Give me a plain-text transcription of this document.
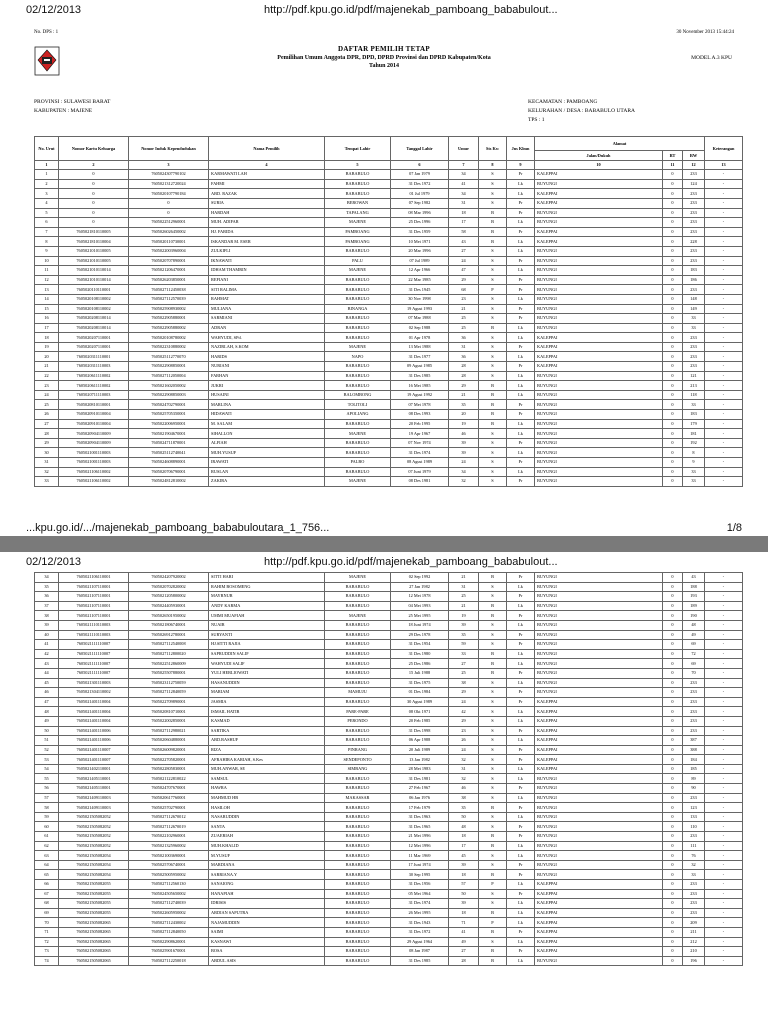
02/12/2013	http://pdf.kpu.go.id/pdf/majenekab_pamboang_bababulout...
No. DPS : 1	30 November 2013 15:44:24
DAFTAR PEMILIH TETAP
Pemilihan Umum Anggota DPR, DPD, DPRD Provinsi dan DPRD Kabupaten/Kota
Tahun 2014
MODEL A.3 KPU
PROVINSI : SULAWESI BARAT
KABUPATEN : MAJENE
KECAMATAN : PAMBOANG
KELURAHAN / DESA : BABABULO UTARA
TPS : 1
No. Urut	Nomor Kartu Keluarga	Nomor Induk Kependudukan	Nama Pemilih	Tempat Lahir	Tanggal Lahir	Umur	Sts Kw	Jns Klmn	Alamat			Keterangan
									Jalan/Dukuh	RT	RW	
1	2	3	4	5	6	7	8	9	10	11	12	13
1	0	7605024307790102	KARMAWATI LAH	BABABULO	07 Jan 1979	34	S	Pr	KALEPPAI	0	233	-
2	0	7605021312720024	FAHMI	BABABULO	31 Des 1972	41	S	Lk	BUYUNGI	0	124	-
3	0	7605020107790184	ABD. RAZAK	BABABULO	01 Jul 1979	34	S	Lk	KALEPPAI	0	233	-
4	0	0	SURIA	BEROWAN	07 Sep 1982	31	S	Pr	KALEPPAI	0	233	-
5	0	0	HARDAH	TAPALANG	08 Mar 1996	18	B	Pr	BUYUNGI	0	233	-
6	0	7605022512960001	MUH. ADIFAR	MAJENE	25 Des 1996	17	B	Lk	BUYUNGI	0	233	-
7	7605021810110005	7605026026450002	HJ. FARIDA	PAMBOANG	31 Des 1959	58	B	Pr	KALEPPAI	0	233	-
8	7605021810110004	7605020110730001	ISKANDAR M. ESER	PAMBOANG	10 Mei 1971	43	B	Lk	KALEPPAI	0	228	-
9	7605021010110005	7605022003960004	ZULKIFLI	BABABULO	20 Mar 1996	27	S	Lk	BUYUNGI	0	233	-
10	7605021010110005	7605020707890001	IKNAWATI	PALU	07 Jul 1989	24	S	Pr	BUYUNGI	0	233	-
11	7605021010110014	7605021206470001	IDHAM THAMRIN	MAJENE	12 Apr 1966	47	S	Lk	BUYUNGI	0	183	-
12	7605021010110014	7605026203850001	REFIANI	BABABULO	22 Mar 1985	29	S	Pr	BUYUNGI	0	186	-
13	7605020110110001	7605027112450038	SITI RALIMA	BABABULO	31 Des 1945	68	P	Pr	BUYUNGI	0	233	-
14	7605020108110002	7605027112570039	RAHMAT	BABABULO	30 Nov 1998	23	S	Lk	BUYUNGI	0	148	-
15	7605020108110002	7605025908930002	MULIANA	BINANGA	19 Agust 1993	21	S	Pr	BUYUNGI	0	149	-
16	7605020208110014	7605022905880001	SARMIANI	BABABULO	07 Mar 1988	25	S	Pr	BUYUNGI	0	33	-
17	7605020208110014	7605022905880002	ADRAN	BABABULO	02 Sep 1988	25	B	Lk	BUYUNGI	0	33	-
18	7605020207110001	7605020108780002	WAHYUDI, SPd.	BABABULO	01 Apr 1978	36	S	Lk	KALEPPAI	0	233	-
19	7605020207110001	7605022310880002	NAZIRLAH, S.KOM	MAJENE	13 Mei 1988	31	S	Pr	KALEPPAI	0	233	-
20	7605020311110001	7605025112770070	HARIDS	NAPO	31 Des 1977	36	S	Lk	KALEPPAI	0	233	-
21	7605020311110003	7605022908850001	NURIANI	BABABULO	09 Agust 1985	28	S	Pr	KALEPPAI	0	233	-
22	7605020611110002	7605027112050004	FARHAN	BABABULO	31 Des 1985	28	S	Lk	BUYUNGI	0	121	-
23	7605020611110002	7605021602050002	JUKRI	BABABULO	16 Mei 1985	29	B	Lk	BUYUNGI	0	213	-
24	7605020711110003	7605022908850003	HUSAINI	BALOMBONG	19 Agust 1992	21	B	Lk	BUYUNGI	0	118	-
25	7605020810110001	7605024702790001	MARLINA	TOLITOLI	07 Mei 1978	35	B	Pr	BUYUNGI	0	33	-
26	7605020910110004	7605025705350001	HIDAWATI	APOLIANG	08 Des 1993	20	B	Pr	BUYUNGI	0	183	-
27	7605020910110004	7605022006950001	M. SALAM	BABABULO	20 Feb 1995	19	B	Lk	BUYUNGI	0	179	-
28	7605020904110009	7605021904670001	SIHALLON	MAJENE	19 Apr 1967	46	S	Lk	BUYUNGI	0	181	-
29	7605020904110009	7605024711870001	ALFIAH	BABABULO	07 Nov 1974	39	S	Pr	BUYUNGI	0	192	-
30	7605021001110003	7605025112740041	MUH.YUSUF	BABABULO	31 Des 1974	39	S	Lk	BUYUNGI	0	8	-
31	7605021001110003	7605024608890001	IRAWATI	PALBO	08 Agust 1989	24	S	Pr	BUYUNGI	0	9	-
32	7605021106110002	7605020706790001	RUSLAN	BABABULO	07 Juni 1979	34	S	Lk	BUYUNGI	0	33	-
33	7605021106110002	7605024812810002	ZAKIRA	MAJENE	08 Des 1981	32	S	Pr	BUYUNGI	0	33	-
...kpu.go.id/.../majenekab_pamboang_bababuloutara_1_756...	1/8
02/12/2013	http://pdf.kpu.go.id/pdf/majenekab_pamboang_bababulout...
34	7605021106110001	7605024207920002	SITTI HARI	MAJENE	02 Sep 1992	21	B	Pr	BUYUNGI	0	43	-
35	7605021107110001	7605020702820002	RAHIM BOSOMENG	BABABULO	27 Jan 1982	31	S	Lk	BUYUNGI	0	188	-
36	7605021107110001	7605021205800002	MAYRNUR	BABABULO	12 Mei 1978	25	S	Pr	BUYUNGI	0	193	-
37	7605021107110001	7605024405930001	ANDY KARMA	BABABULO	04 Mei 1993	21	B	Lk	BUYUNGI	0	189	-
38	7605021107110001	7605026501950002	UMMI MUAFIAH	MAJENE	25 Mei 1995	19	B	Pr	BUYUNGI	0	190	-
39	7605021110110003	7605021806740001	NUAIR	BABABULO	18 Juni 1974	39	S	Lk	BUYUNGI	0	48	-
40	7605021110110003	7605026912780001	SURYANTI	BABABULO	29 Des 1978	35	S	Pr	BUYUNGI	0	49	-
41	7605021111110007	7605027112540008	HJ.SITTI RAJIA	BABABULO	31 Des 1954	59	S	Pr	BUYUNGI	0	69	-
42	7605021111110007	7605027112800020	SAPRUDDIN SALIF	BABABULO	31 Des 1980	33	B	Lk	BUYUNGI	0	72	-
43	7605021111110007	7605022512860009	WAHYUDI SALIF	BABABULO	25 Des 1986	27	B	Lk	BUYUNGI	0	69	-
44	7605021111110007	7605025507880001	YULI HERLIOWATI	BABABULO	15 Juli 1988	25	B	Pr	BUYUNGI	0	70	-
45	7605021301110003	7605023112750059	HASANUDDIN	BABABULO	31 Des 1975	38	S	Lk	BUYUNGI	0	233	-
46	7605021304110002	7605027112840059	MARIAM	MAMUJU	01 Des 1984	29	S	Pr	BUYUNGI	0	233	-
47	7605021401110004	7605022709890001	JASMIA	BABABULO	30 Agust 1989	24	S	Pr	KALEPPAI	0	233	-
48	7605021401110004	7605020810710001	ISMAIL HATIB	PARE-PARE	08 Okt 1971	42	S	Lk	KALEPPAI	0	233	-
49	7605021401110004	7605022002850001	KASMAD	PERONDO	20 Feb 1985	29	S	Lk	KALEPPAI	0	233	-
50	7605021401110006	7605027112980021	SARTIKA	BABABULO	31 Des 1998	23	S	Pr	KALEPPAI	0	233	-
51	7605021401110006	7605020604880001	ABD.RASHUF	BABABULO	06 Apr 1988	26	S	Lk	KALEPPAI	0	387	-
52	7605021401110007	7605026009820001	RIZA	PINRANG	20 Juli 1989	24	S	Pr	KALEPPAI	0	388	-
53	7605021401110007	7605022705820001	AFRAHIRA KARIAH, S.Kes	SENDEPONTO	13 Jan 1982	32	S	Pr	KALEPPAI	0	184	-
54	7605021402110001	7605022805830001	MUH.ANWAR, SE	SIMBANG	28 Mei 1983	31	S	Lk	KALEPPAI	0	185	-
55	7605021405110001	7605021122810022	SAMSUL	BABABULO	31 Des 1981	32	S	Lk	BUYUNGI	0	89	-
56	7605021405110001	7605024707670001	HAWRA	BABABULO	27 Feb 1967	46	S	Pr	BUYUNGI	0	90	-
57	7605021409110003	7605020617760001	MAHMUD HB	MAKASSAR	06 Jan 1976	38	S	Lk	BUYUNGI	0	233	-
58	7605021409110003	7605025702790001	HASILOH	BABABULO	17 Feb 1979	35	B	Pr	BUYUNGI	0	123	-
59	7605021505082052	7605027112670012	NASARUDDIN	BABABULO	31 Des 1963	50	S	Lk	BUYUNGI	0	133	-
60	7605021505082052	7605027112670019	SANTA	BABABULO	31 Des 1965	48	S	Pr	BUYUNGI	0	110	-
61	7605021505082052	7605022102960001	ZUAERIAH	BABABULO	21 Mei 1996	18	B	Pr	BUYUNGI	0	233	-
62	7605021505082052	7605021325960002	MUH.KHALID	BABABULO	12 Mei 1996	17	B	Lk	BUYUNGI	0	111	-
63	7605021505082054	7605021003690001	M.YUSUF	BABABULO	11 Mar 1969	45	S	Lk	BUYUNGI	0	76	-
64	7605021505082054	7605025706740001	MARDIANA	BABABULO	17 Juni 1974	39	S	Pr	BUYUNGI	0	32	-
65	7605021505082054	7605025005950002	SARRIANA.Y	BABABULO	30 Sep 1995	18	B	Pr	BUYUNGI	0	33	-
66	7605021505082055	7605027112560130	SANAIONG	BABABULO	31 Des 1956	57	P	Lk	KALEPPAI	0	233	-
67	7605021505082055	7605024505650002	HANAPIAH	BABABULO	05 Mei 1964	50	S	Pr	KALEPPAI	0	233	-
68	7605021505082055	7605027112740039	IDRISIS	BABABULO	31 Des 1974	39	S	Lk	KALEPPAI	0	233	-
69	7605021505082055	7605022605950002	ARDIAN SAPUTRA	BABABULO	26 Mei 1995	18	B	Lk	KALEPPAI	0	233	-
70	7605021505082065	7605027112430002	NAJAMUDDIN	BABABULO	31 Des 1943	71	P	Lk	KALEPPAI	0	209	-
71	7605021505082065	7605027112840050	SAIMI	BABABULO	31 Des 1972	41	B	Pr	KALEPPAI	0	211	-
72	7605021505082065	7605022908620001	KASNAWI	BABABULO	29 Agust 1964	49	S	Lk	KALEPPAI	0	212	-
73	7605021505082065	7605025901670001	BOSA	BABABULO	08 Jan 1987	27	B	Pr	KALEPPAI	0	210	-
74	7605021505082065	7605027112250018	ABDUL ASIS	BABABULO	31 Des 1985	28	B	Lk	BUYUNGI	0	196	-
